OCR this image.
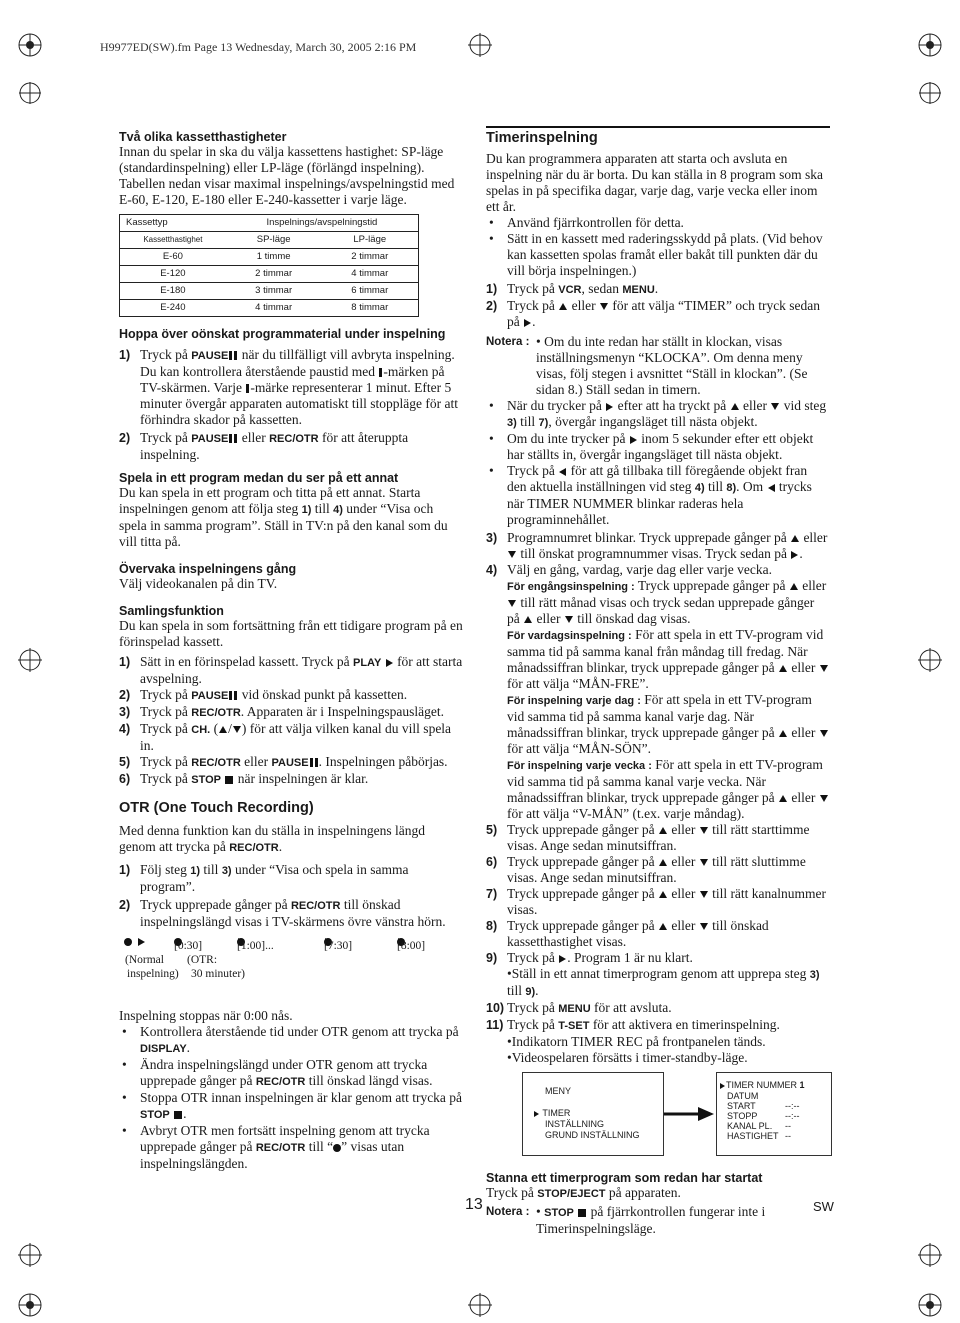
H9977ED(SW).fm Page 13 Wednesday, March 30, 2005 2:16 PM

Två olika kassetthastigheter

Innan du spelar in ska du välja kassettens hastighet: SP-läge (standardinspelning) eller LP-läge (förlängd inspelning). Tabellen nedan visar maximal inspelnings/avspelningstid med E-60, E-120, E-180 eller E-240-kassetter i varje läge.

Kassettyp	Inspelnings/avspelningstid	
Kassetthastighet	SP-läge	LP-läge
E-60	1 timme	2 timmar
E-120	2 timmar	4 timmar
E-180	3 timmar	6 timmar
E-240	4 timmar	8 timmar

Hoppa över oönskat programmaterial under inspelning

1) Tryck på PAUSE när du tillfälligt vill avbryta inspelning.
Du kan kontrollera återstående paustid med -märken på TV-skärmen. Varje -märke representerar 1 minut. Efter 5 minuter övergår apparaten automatiskt till stoppläge för att förhindra skador på kassetten.
2) Tryck på PAUSE eller REC/OTR för att återuppta inspelning.

Spela in ett program medan du ser på ett annat

Du kan spela in ett program och titta på ett annat. Starta inspelningen genom att följa steg 1) till 4) under “Visa och spela in samma program”. Ställ in TV:n på den kanal som du vill titta på.

Övervaka inspelningens gång

Välj videokanalen på din TV.

Samlingsfunktion

Du kan spela in som fortsättning från ett tidigare program på en förinspelad kassett.

1) Sätt in en förinspelad kassett. Tryck på PLAY för att starta avspelning.
2) Tryck på PAUSE vid önskad punkt på kassetten.
3) Tryck på REC/OTR. Apparaten är i Inspelningspausläget.
4) Tryck på CH. ( / ) för att välja vilken kanal du vill spela in.
5) Tryck på REC/OTR eller PAUSE . Inspelningen påbörjas.
6) Tryck på STOP när inspelningen är klar.

OTR (One Touch Recording)

Med denna funktion kan du ställa in inspelningens längd genom att trycka på REC/OTR.

1) Följ steg 1) till 3) under “Visa och spela in samma program”.
2) Tryck upprepade gånger på REC/OTR till önskad inspelningslängd visas i TV-skärmens övre vänstra hörn.
[0:30]	[1:00]...	[7:30]	[8:00]
(Normal
inspelning)
(OTR:
30 minuter)

Inspelning stoppas när 0:00 nås.

• Kontrollera återstående tid under OTR genom att trycka på DISPLAY.
• Ändra inspelningslängd under OTR genom att trycka upprepade gånger på REC/OTR till önskad längd visas.
• Stoppa OTR innan inspelningen är klar genom att trycka på STOP .
• Avbryt OTR men fortsätt inspelning genom att trycka upprepade gånger på REC/OTR till “ ” visas utan inspelningslängden.

Timerinspelning

Du kan programmera apparaten att starta och avsluta en inspelning när du är borta. Du kan ställa in 8 program som ska spelas in på specifika dagar, varje dag, varje vecka eller inom ett år.

• Använd fjärrkontrollen för detta.
• Sätt in en kassett med raderingsskydd på plats. (Vid behov kan kassetten spolas framåt eller bakåt till punkten där du vill börja inspelningen.)
1) Tryck på VCR, sedan MENU.
2) Tryck på eller för att välja “TIMER” och tryck sedan på .
Notera : • Om du inte redan har ställt in klockan, visas inställningsmenyn “KLOCKA”. Om denna meny visas, följ stegen i avsnittet “Ställ in klockan”. (Se sidan 8.) Ställ sedan in timern.
• När du trycker på efter att ha tryckt på eller vid steg 3) till 7), övergår ingangsläget till nästa objekt.
• Om du inte trycker på inom 5 sekunder efter ett objekt har ställts in, övergår ingangsläget till nästa objekt.
• Tryck på för att gå tillbaka till föregående objekt fran den aktuella inställningen vid steg 4) till 8). Om trycks när TIMER NUMMER blinkar raderas hela programinnehållet.
3) Programnumret blinkar. Tryck upprepade gånger på eller  till önskat programnummer visas. Tryck sedan på .
4) Välj en gång, vardag, varje dag eller varje vecka.
För engångsinspelning : Tryck upprepade gånger på eller  till rätt månad visas och tryck sedan upprepade gånger på eller till önskad dag visas.
För vardagsinspelning : För att spela in ett TV-program vid samma tid på samma kanal från måndag till fredag. När månadssiffran blinkar, tryck upprepade gånger på eller  för att välja “MÅN-FRE”.
För inspelning varje dag : För att spela in ett TV-program vid samma tid på samma kanal varje dag. När månadssiffran blinkar, tryck upprepade gånger på eller  för att välja “MÅN-SÖN”.
För inspelning varje vecka : För att spela in ett TV-program vid samma tid på samma kanal varje vecka. När månadssiffran blinkar, tryck upprepade gånger på eller  för att välja “V-MÅN” (t.ex. varje måndag).
5) Tryck upprepade gånger på eller till rätt starttimme visas. Ange sedan minutsiffran.
6) Tryck upprepade gånger på eller till rätt sluttimme visas. Ange sedan minutsiffran.
7) Tryck upprepade gånger på eller till rätt kanalnummer visas.
8) Tryck upprepade gånger på eller till önskad kassetthastighet visas.
9) Tryck på . Program 1 är nu klart.
•Ställ in ett annat timerprogram genom att upprepa steg 3) till 9).
10) Tryck på MENU för att avsluta.
11) Tryck på T-SET för att aktivera en timerinspelning.
•Indikatorn TIMER REC på frontpanelen tänds.
•Videospelaren försätts i timer-standby-läge.
MENY
TIMER
INSTÄLLNING
GRUND INSTÄLLNING
TIMER NUMMER 1
DATUM
START	--:--
STOPP	--:--
KANAL PL. --
HASTIGHET --

Stanna ett timerprogram som redan har startat

Tryck på STOP/EJECT på apparaten.

Notera : • STOP på fjärrkontrollen fungerar inte i Timerinspelningsläge.
13	SW
